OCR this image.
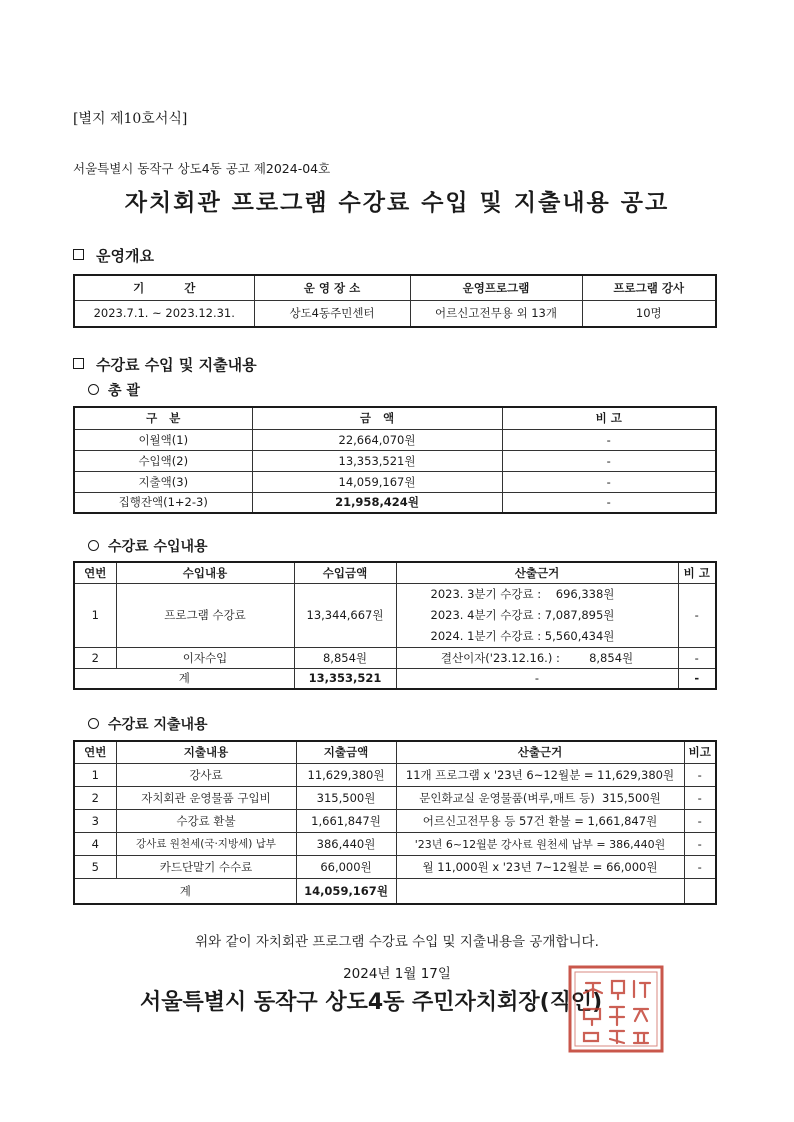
[별지 제10호서식]
서울특별시 동작구 상도4동 공고 제2024-04호
자치회관 프로그램 수강료 수입 및 지출내용 공고
운영개요
기          간	운 영 장 소	운영프로그램	프로그램 강사
2023.7.1. ~ 2023.12.31.	상도4동주민센터	어르신고전무용 외 13개	10명
수강료 수입 및 지출내용
총 괄
구   분	금   액	비 고
이월액(1)	22,664,070원	-
수입액(2)	13,353,521원	-
지출액(3)	14,059,167원	-
집행잔액(1+2-3)	21,958,424원	-
수강료 수입내용
연번	수입내용	수입금액	산출근거	비 고
1	프로그램 수강료	13,344,667원	2023. 3분기 수강료 :    696,338원
2023. 4분기 수강료 : 7,087,895원
2024. 1분기 수강료 : 5,560,434원	-
2	이자수입	8,854원	결산이자('23.12.16.) :        8,854원	-
계		13,353,521	-	-
수강료 지출내용
연번	지출내용	지출금액	산출근거	비고
1	강사료	11,629,380원	11개 프로그램 x '23년 6~12월분 = 11,629,380원	-
2	자치회관 운영물품 구입비	315,500원	문인화교실 운영물품(벼루,매트 등)  315,500원	-
3	수강료 환불	1,661,847원	어르신고전무용 등 57건 환불 = 1,661,847원	-
4	강사료 원천세(국·지방세) 납부	386,440원	'23년 6~12월분 강사료 원천세 납부 = 386,440원	-
5	카드단말기 수수료	66,000원	월 11,000원 x '23년 7~12월분 = 66,000원	-
계		14,059,167원		
위와 같이 자치회관 프로그램 수강료 수입 및 지출내용을 공개합니다.
2024년 1월 17일
서울특별시 동작구 상도4동 주민자치회장(직인)
